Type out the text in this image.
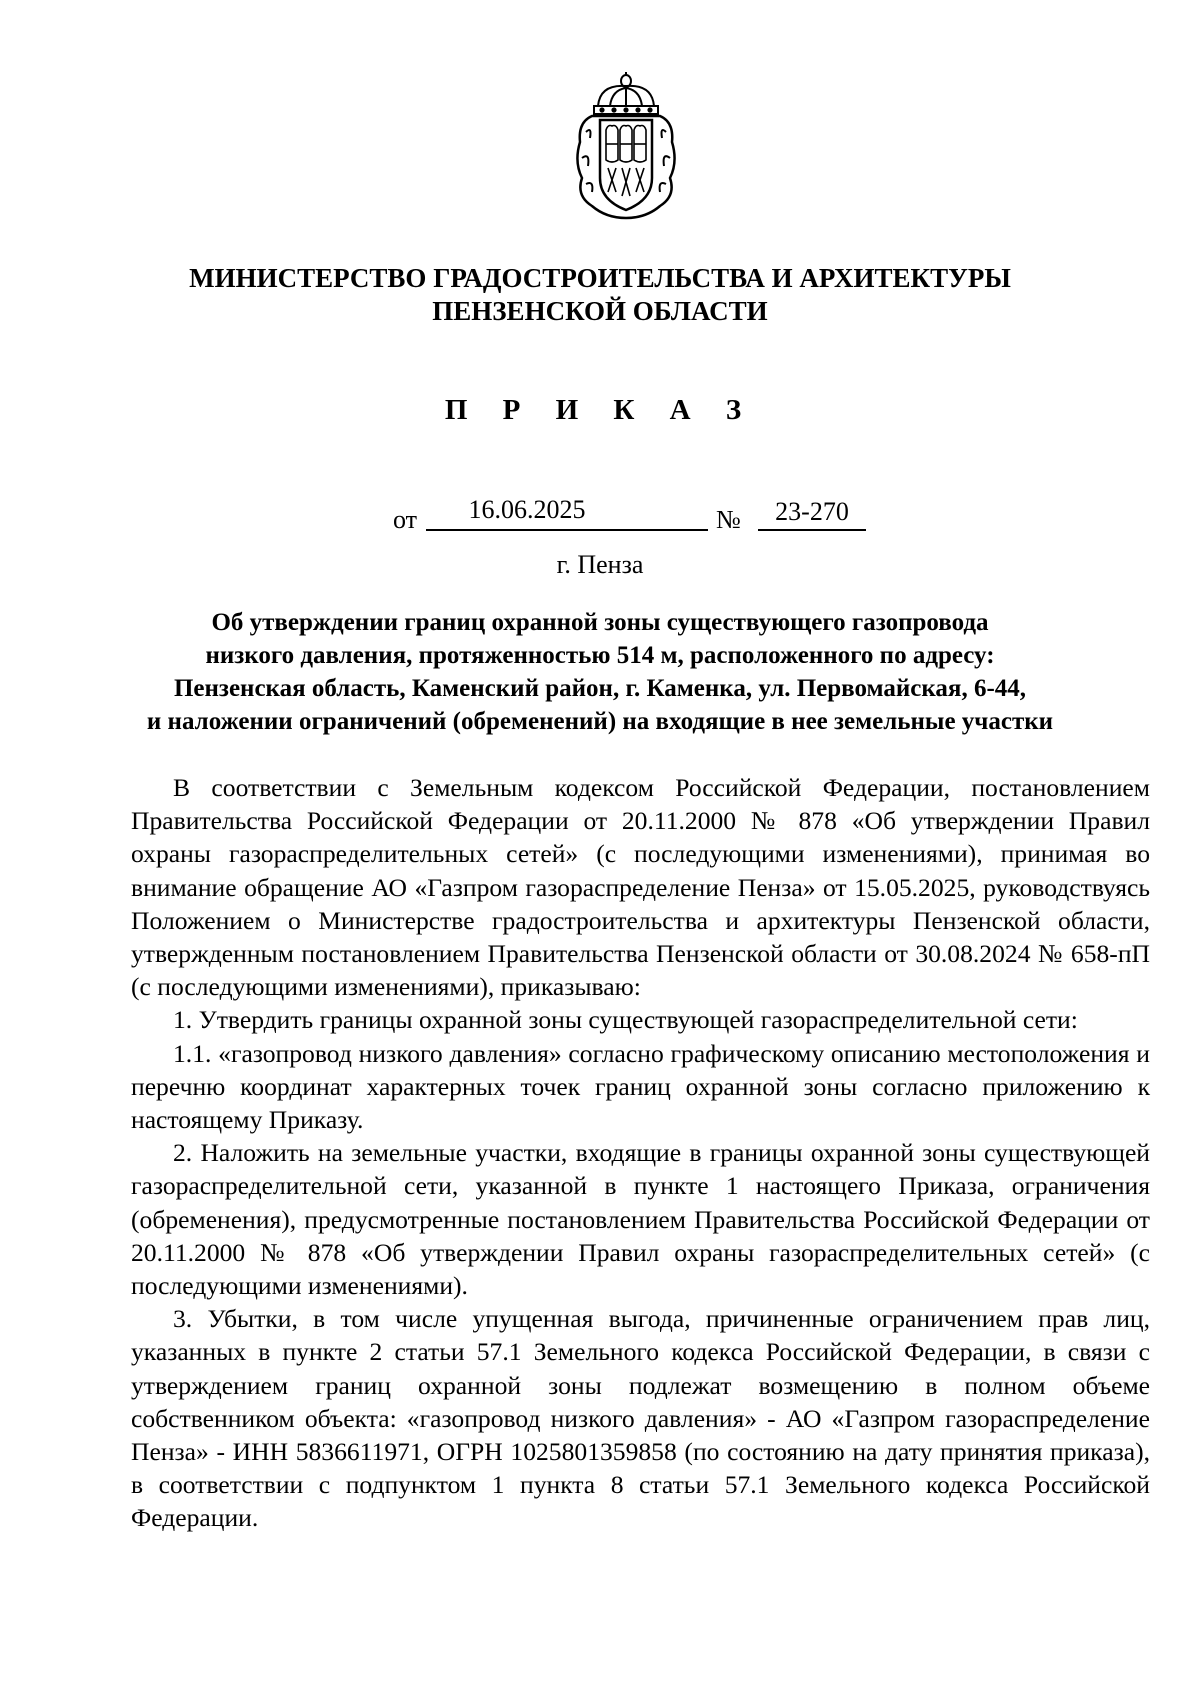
МИНИСТЕРСТВО ГРАДОСТРОИТЕЛЬСТВА И АРХИТЕКТУРЫ
ПЕНЗЕНСКОЙ ОБЛАСТИ
П Р И К А З
от	16.06.2025	№	23-270
г. Пенза
Об утверждении границ охранной зоны существующего газопровода
низкого давления, протяженностью 514 м, расположенного по адресу:
Пензенская область, Каменский район, г. Каменка, ул. Первомайская, 6-44,
и наложении ограничений (обременений) на входящие в нее земельные участки

В соответствии с Земельным кодексом Российской Федерации, постановлением Правительства Российской Федерации от 20.11.2000 № 878 «Об утверждении Правил охраны газораспределительных сетей» (с последующими изменениями), принимая во внимание обращение АО «Газпром газораспределение Пенза» от 15.05.2025, руководствуясь Положением о Министерстве градостроительства и архитектуры Пензенской области, утвержденным постановлением Правительства Пензенской области от 30.08.2024 № 658-пП (с последующими изменениями), приказываю:

1. Утвердить границы охранной зоны существующей газораспределительной сети:

1.1. «газопровод низкого давления» согласно графическому описанию местоположения и перечню координат характерных точек границ охранной зоны согласно приложению к настоящему Приказу.

2. Наложить на земельные участки, входящие в границы охранной зоны существующей газораспределительной сети, указанной в пункте 1 настоящего Приказа, ограничения (обременения), предусмотренные постановлением Правительства Российской Федерации от 20.11.2000 № 878 «Об утверждении Правил охраны газораспределительных сетей» (с последующими изменениями).

3. Убытки, в том числе упущенная выгода, причиненные ограничением прав лиц, указанных в пункте 2 статьи 57.1 Земельного кодекса Российской Федерации, в связи с утверждением границ охранной зоны подлежат возмещению в полном объеме собственником объекта: «газопровод низкого давления» - АО «Газпром газораспределение Пенза» - ИНН 5836611971, ОГРН 1025801359858 (по состоянию на дату принятия приказа), в соответствии с подпунктом 1 пункта 8 статьи 57.1 Земельного кодекса Российской Федерации.
